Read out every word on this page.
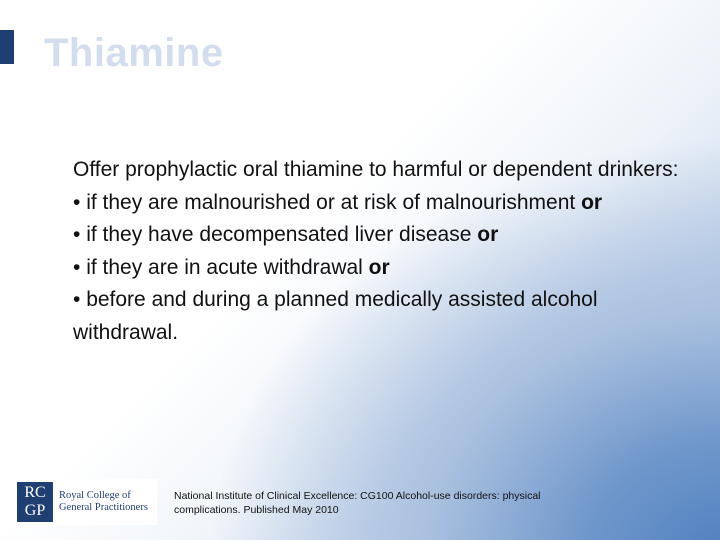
Thiamine

Offer prophylactic oral thiamine to harmful or dependent drinkers:

• if they are malnourished or at risk of malnourishment or

• if they have decompensated liver disease or

• if they are in acute withdrawal or

• before and during a planned medically assisted alcohol withdrawal.

RC
GP
Royal College of
General Practitioners
National Institute of Clinical Excellence: CG100 Alcohol-use disorders: physical
complications. Published May 2010
